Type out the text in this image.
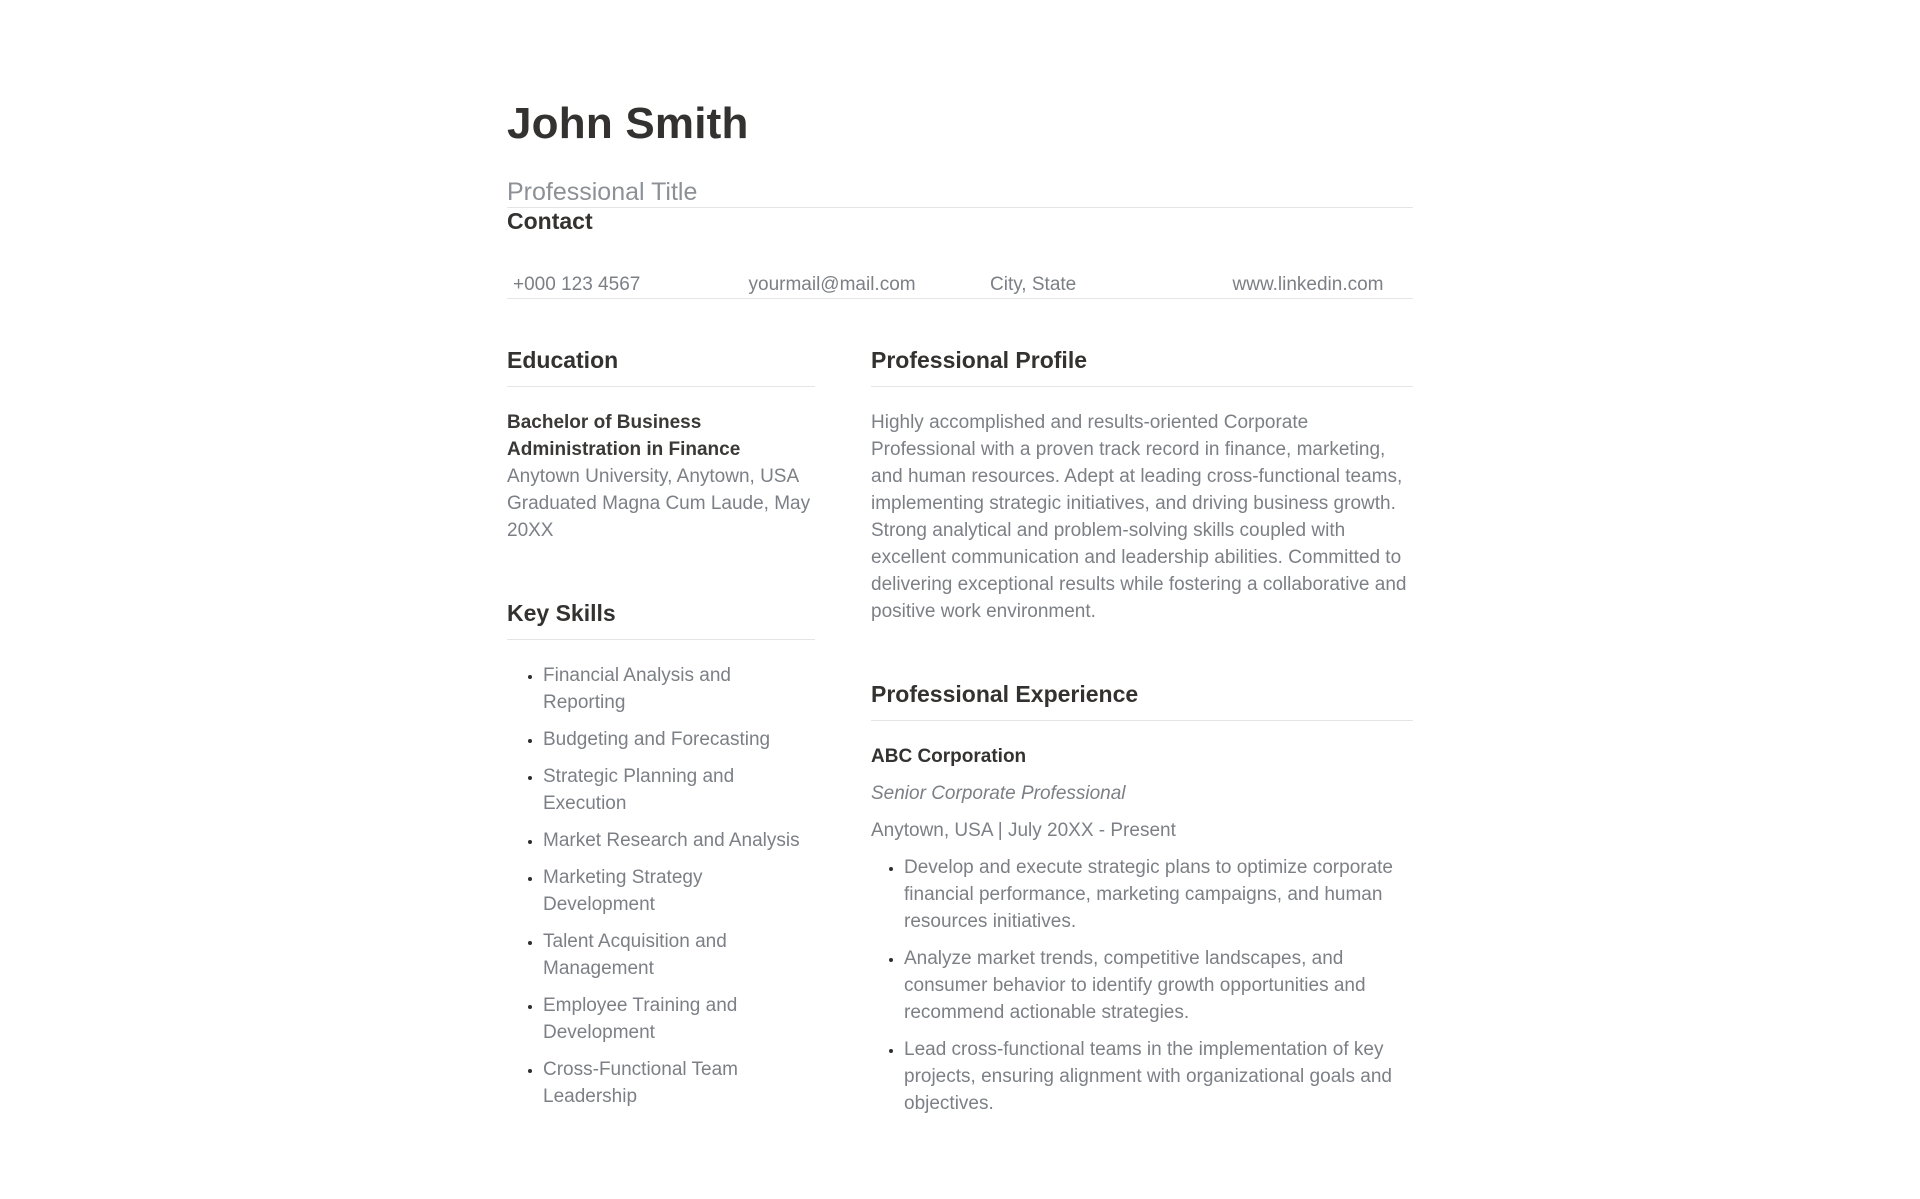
John Smith
Professional Title
Contact
+000 123 4567	yourmail@mail.com	City, State	www.linkedin.com
Education

Bachelor of Business Administration in Finance

Anytown University, Anytown, USA

Graduated Magna Cum Laude, May 20XX

Key Skills
• Financial Analysis and Reporting
• Budgeting and Forecasting
• Strategic Planning and Execution
• Market Research and Analysis
• Marketing Strategy Development
• Talent Acquisition and Management
• Employee Training and Development
• Cross-Functional Team Leadership
Professional Profile

Highly accomplished and results-oriented Corporate Professional with a proven track record in finance, marketing, and human resources. Adept at leading cross-functional teams, implementing strategic initiatives, and driving business growth. Strong analytical and problem-solving skills coupled with excellent communication and leadership abilities. Committed to delivering exceptional results while fostering a collaborative and positive work environment.

Professional Experience

ABC Corporation

Senior Corporate Professional

Anytown, USA | July 20XX - Present

• Develop and execute strategic plans to optimize corporate financial performance, marketing campaigns, and human resources initiatives.
• Analyze market trends, competitive landscapes, and consumer behavior to identify growth opportunities and recommend actionable strategies.
• Lead cross-functional teams in the implementation of key projects, ensuring alignment with organizational goals and objectives.
